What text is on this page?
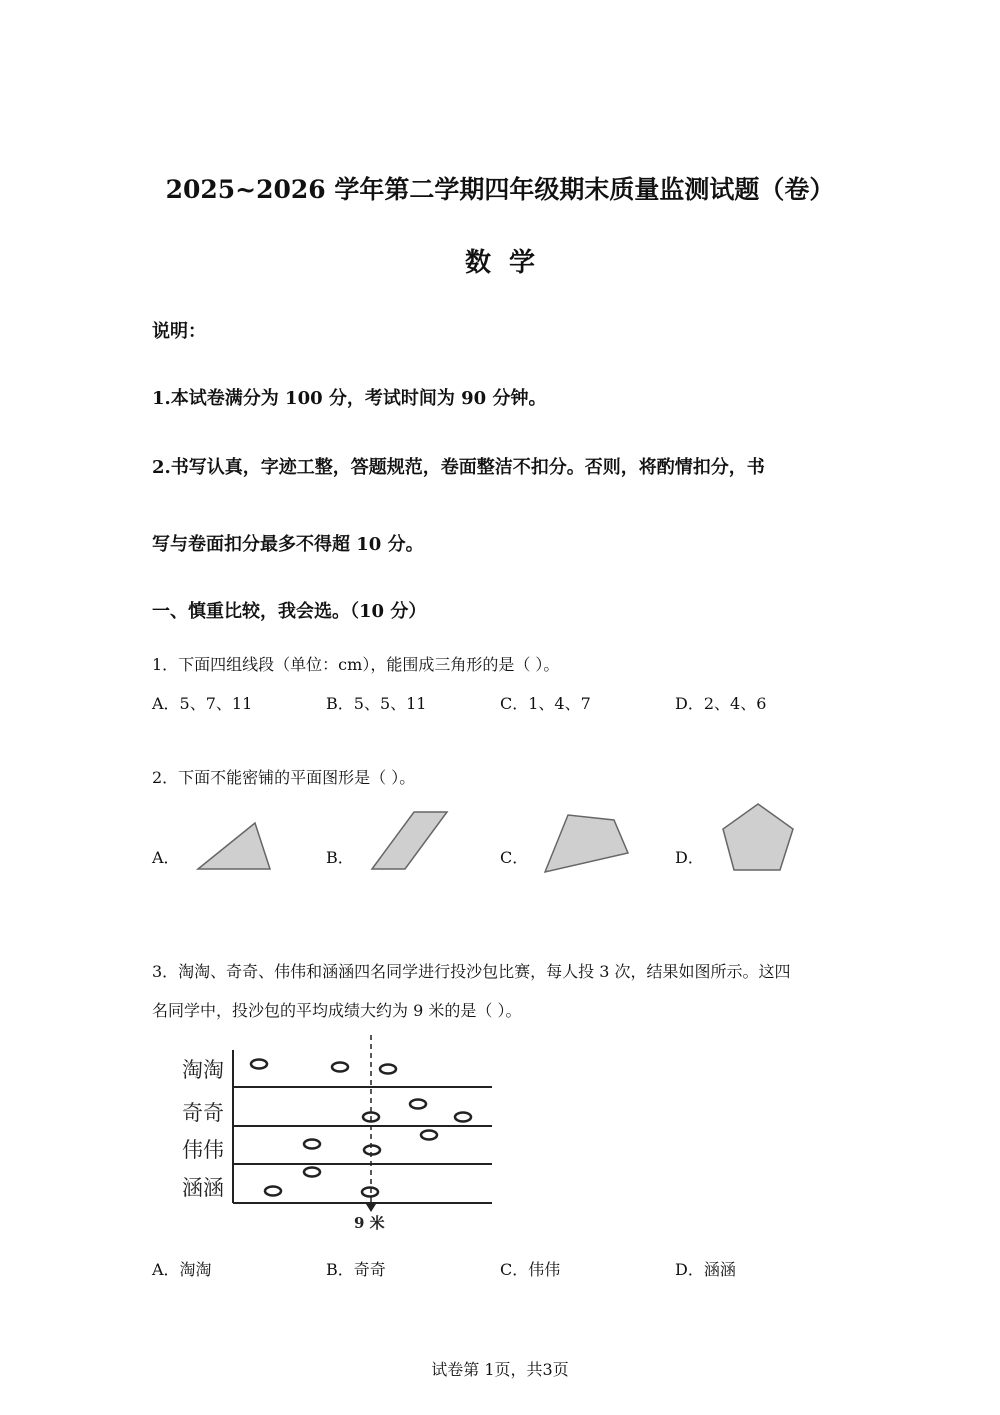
2025~2026 学年第二学期四年级期末质量监测试题（卷）
数学
说明：
1.本试卷满分为 100 分，考试时间为 90 分钟。
2.书写认真，字迹工整，答题规范，卷面整洁不扣分。否则，将酌情扣分，书
写与卷面扣分最多不得超 10 分。
一、慎重比较，我会选。（10 分）
1．下面四组线段（单位：cm），能围成三角形的是（ ）。
A．5、7、11	B．5、5、11	C．1、4、7	D．2、4、6
2．下面不能密铺的平面图形是（ ）。
A．	B．	C．	D．
3．淘淘、奇奇、伟伟和涵涵四名同学进行投沙包比赛，每人投 3 次，结果如图所示。这四
名同学中，投沙包的平均成绩大约为 9 米的是（ ）。
9 米
淘淘
奇奇
伟伟
涵涵
A．淘淘	B．奇奇	C．伟伟	D．涵涵
试卷第 1页，共3页
